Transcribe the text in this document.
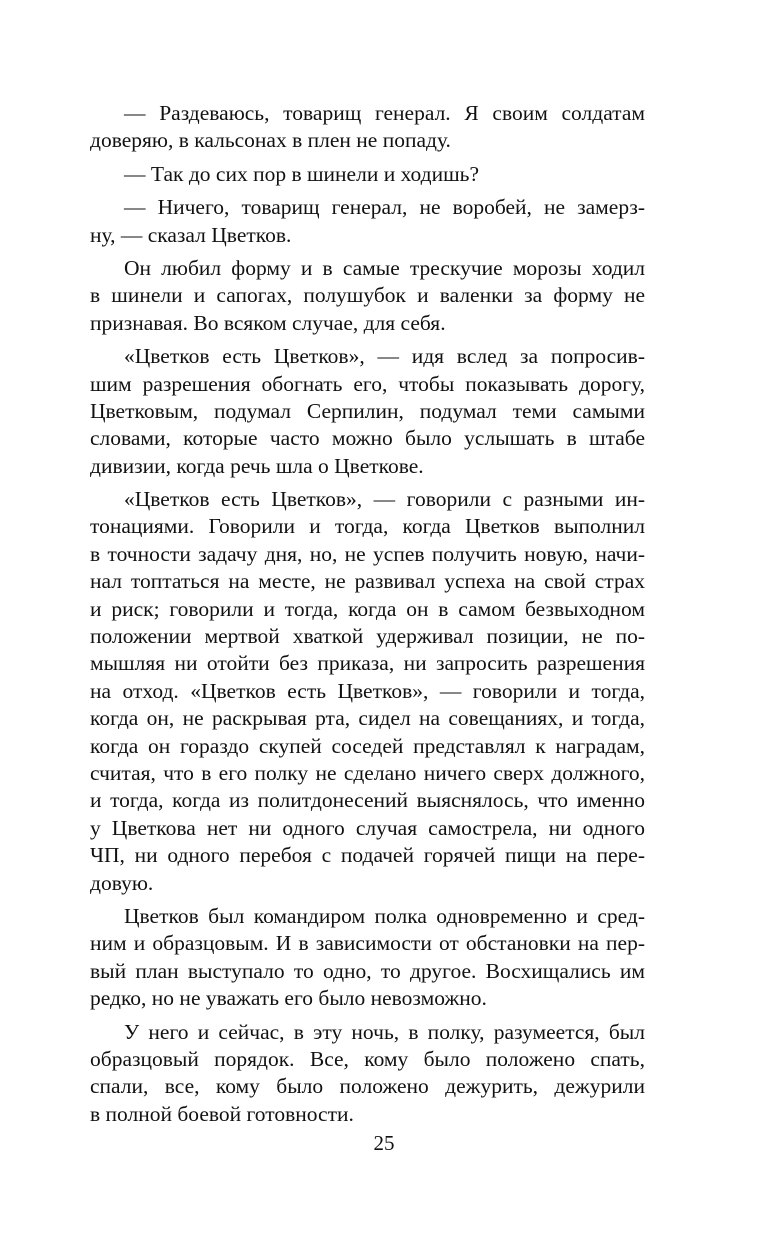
— Раздеваюсь, товарищ генерал. Я своим солдатам
доверяю, в кальсонах в плен не попаду.
— Так до сих пор в шинели и ходишь?
— Ничего, товарищ генерал, не воробей, не замерз-
ну, — сказал Цветков.
Он любил форму и в самые трескучие морозы ходил
в шинели и сапогах, полушубок и валенки за форму не
признавая. Во всяком случае, для себя.
«Цветков есть Цветков», — идя вслед за попросив-
шим разрешения обогнать его, чтобы показывать дорогу,
Цветковым, подумал Серпилин, подумал теми самыми
словами, которые часто можно было услышать в штабе
дивизии, когда речь шла о Цветкове.
«Цветков есть Цветков», — говорили с разными ин-
тонациями. Говорили и тогда, когда Цветков выполнил
в точности задачу дня, но, не успев получить новую, начи-
нал топтаться на месте, не развивал успеха на свой страх
и риск; говорили и тогда, когда он в самом безвыходном
положении мертвой хваткой удерживал позиции, не по-
мышляя ни отойти без приказа, ни запросить разрешения
на отход. «Цветков есть Цветков», — говорили и тогда,
когда он, не раскрывая рта, сидел на совещаниях, и тогда,
когда он гораздо скупей соседей представлял к наградам,
считая, что в его полку не сделано ничего сверх должного,
и тогда, когда из политдонесений выяснялось, что именно
у Цветкова нет ни одного случая самострела, ни одного
ЧП, ни одного перебоя с подачей горячей пищи на пере-
довую.
Цветков был командиром полка одновременно и сред-
ним и образцовым. И в зависимости от обстановки на пер-
вый план выступало то одно, то другое. Восхищались им
редко, но не уважать его было невозможно.
У него и сейчас, в эту ночь, в полку, разумеется, был
образцовый порядок. Все, кому было положено спать,
спали, все, кому было положено дежурить, дежурили
в полной боевой готовности.
25
